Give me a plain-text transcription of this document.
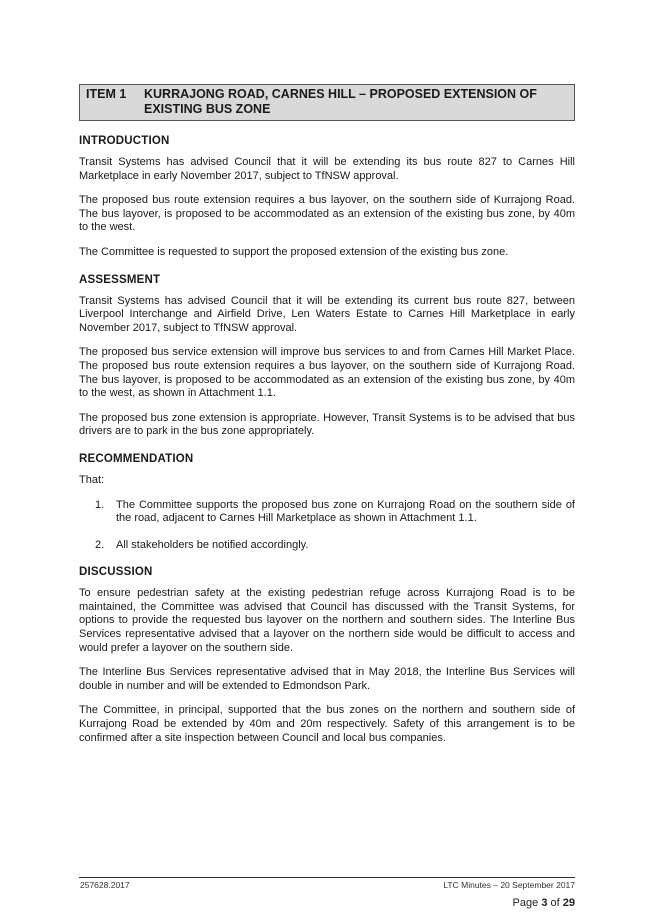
ITEM 1	KURRAJONG ROAD, CARNES HILL – PROPOSED EXTENSION OF EXISTING BUS ZONE
INTRODUCTION

Transit Systems has advised Council that it will be extending its bus route 827 to Carnes Hill Marketplace in early November 2017, subject to TfNSW approval.

The proposed bus route extension requires a bus layover, on the southern side of Kurrajong Road. The bus layover, is proposed to be accommodated as an extension of the existing bus zone, by 40m to the west.

The Committee is requested to support the proposed extension of the existing bus zone.

ASSESSMENT

Transit Systems has advised Council that it will be extending its current bus route 827, between Liverpool Interchange and Airfield Drive, Len Waters Estate to Carnes Hill Marketplace in early November 2017, subject to TfNSW approval.

The proposed bus service extension will improve bus services to and from Carnes Hill Market Place. The proposed bus route extension requires a bus layover, on the southern side of Kurrajong Road. The bus layover, is proposed to be accommodated as an extension of the existing bus zone, by 40m to the west, as shown in Attachment 1.1.

The proposed bus zone extension is appropriate. However, Transit Systems is to be advised that bus drivers are to park in the bus zone appropriately.

RECOMMENDATION

That:

1.	The Committee supports the proposed bus zone on Kurrajong Road on the southern side of the road, adjacent to Carnes Hill Marketplace as shown in Attachment 1.1.
2.	All stakeholders be notified accordingly.
DISCUSSION

To ensure pedestrian safety at the existing pedestrian refuge across Kurrajong Road is to be maintained, the Committee was advised that Council has discussed with the Transit Systems, for options to provide the requested bus layover on the northern and southern sides. The Interline Bus Services representative advised that a layover on the northern side would be difficult to access and would prefer a layover on the southern side.

The Interline Bus Services representative advised that in May 2018, the Interline Bus Services will double in number and will be extended to Edmondson Park.

The Committee, in principal, supported that the bus zones on the northern and southern side of Kurrajong Road be extended by 40m and 20m respectively. Safety of this arrangement is to be confirmed after a site inspection between Council and local bus companies.

257628.2017	LTC Minutes – 20 September 2017
Page 3 of 29
